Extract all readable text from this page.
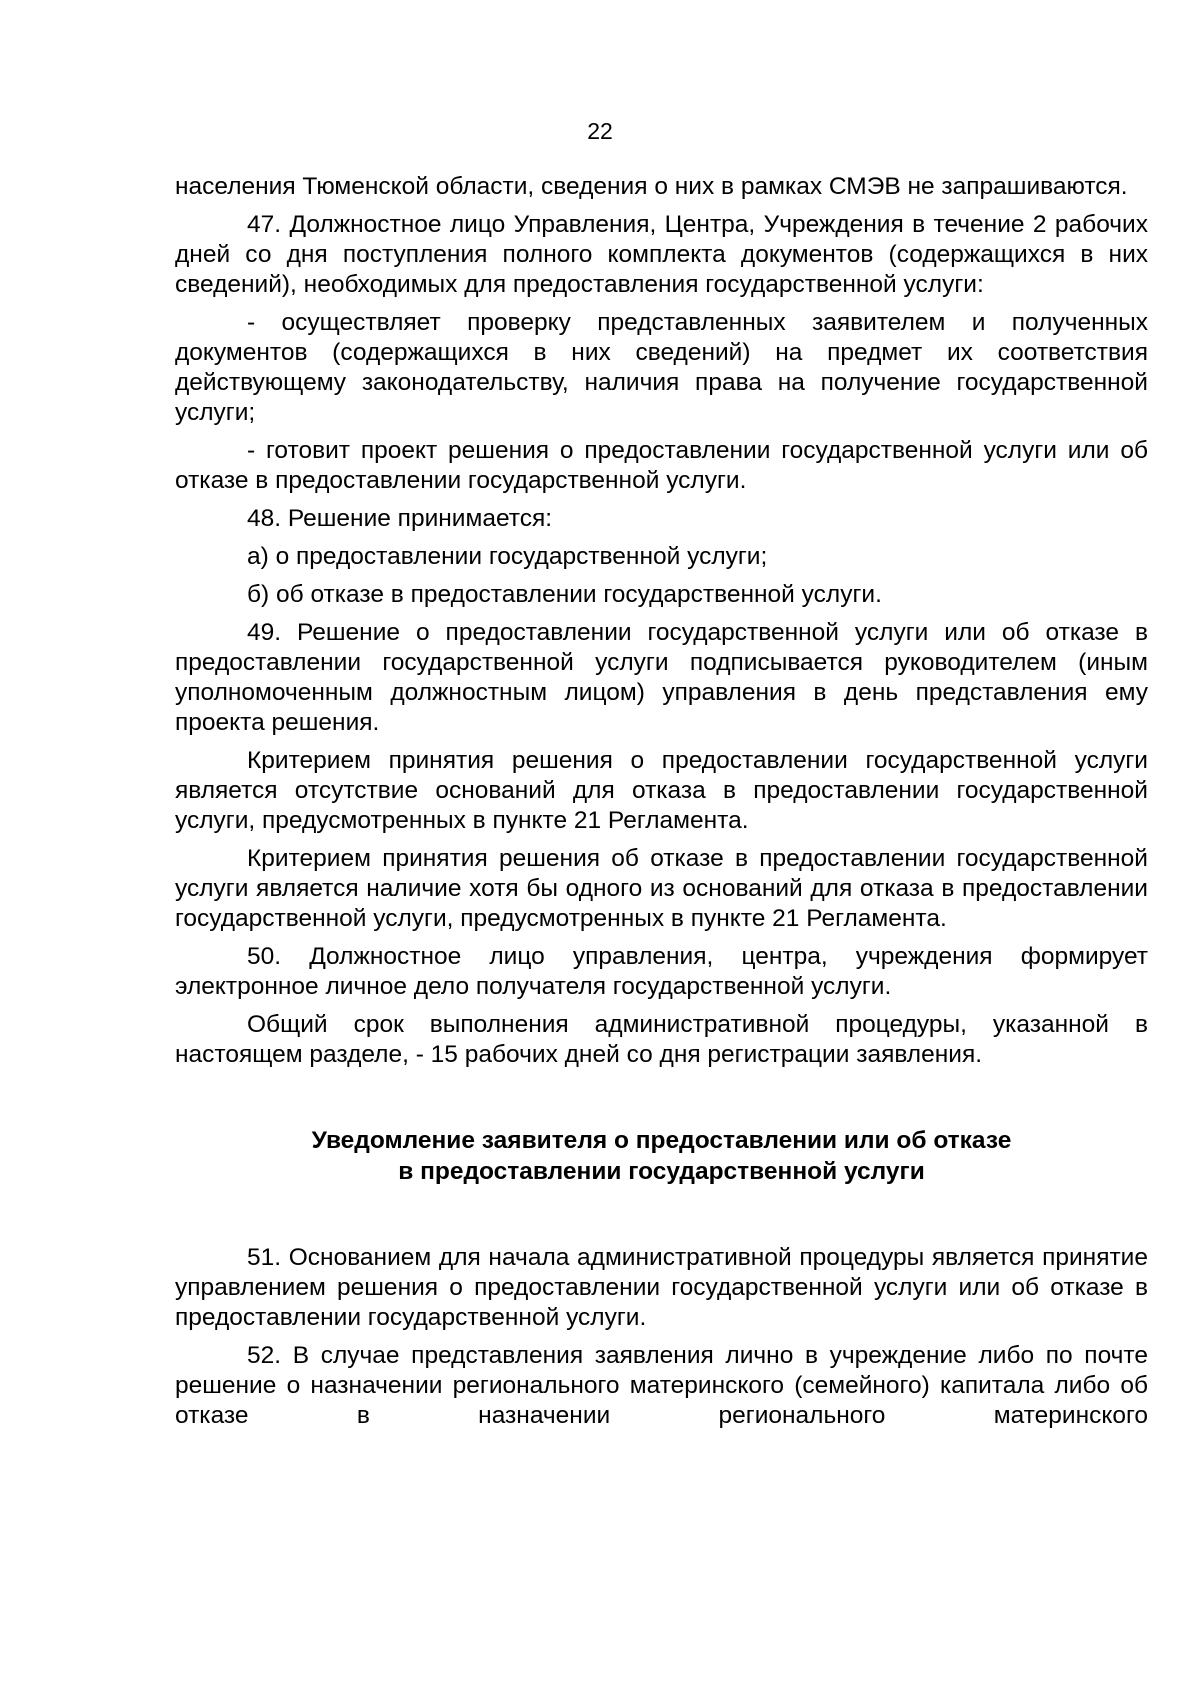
22

населения Тюменской области, сведения о них в рамках СМЭВ не запрашиваются.

47. Должностное лицо Управления, Центра, Учреждения в течение 2 рабочих дней со дня поступления полного комплекта документов (содержащихся в них сведений), необходимых для предоставления государственной услуги:

- осуществляет проверку представленных заявителем и полученных документов (содержащихся в них сведений) на предмет их соответствия действующему законодательству, наличия права на получение государственной услуги;

- готовит проект решения о предоставлении государственной услуги или об отказе в предоставлении государственной услуги.

48. Решение принимается:

а) о предоставлении государственной услуги;

б) об отказе в предоставлении государственной услуги.

49. Решение о предоставлении государственной услуги или об отказе в предоставлении государственной услуги подписывается руководителем (иным уполномоченным должностным лицом) управления в день представления ему проекта решения.

Критерием принятия решения о предоставлении государственной услуги является отсутствие оснований для отказа в предоставлении государственной услуги, предусмотренных в пункте 21 Регламента.

Критерием принятия решения об отказе в предоставлении государственной услуги является наличие хотя бы одного из оснований для отказа в предоставлении государственной услуги, предусмотренных в пункте 21 Регламента.

50. Должностное лицо управления, центра, учреждения формирует электронное личное дело получателя государственной услуги.

Общий срок выполнения административной процедуры, указанной в настоящем разделе, - 15 рабочих дней со дня регистрации заявления.

Уведомление заявителя о предоставлении или об отказе
в предоставлении государственной услуги

51. Основанием для начала административной процедуры является принятие управлением решения о предоставлении государственной услуги или об отказе в предоставлении государственной услуги.

52. В случае представления заявления лично в учреждение либо по почте решение о назначении регионального материнского (семейного) капитала либо об отказе в назначении регионального материнского
